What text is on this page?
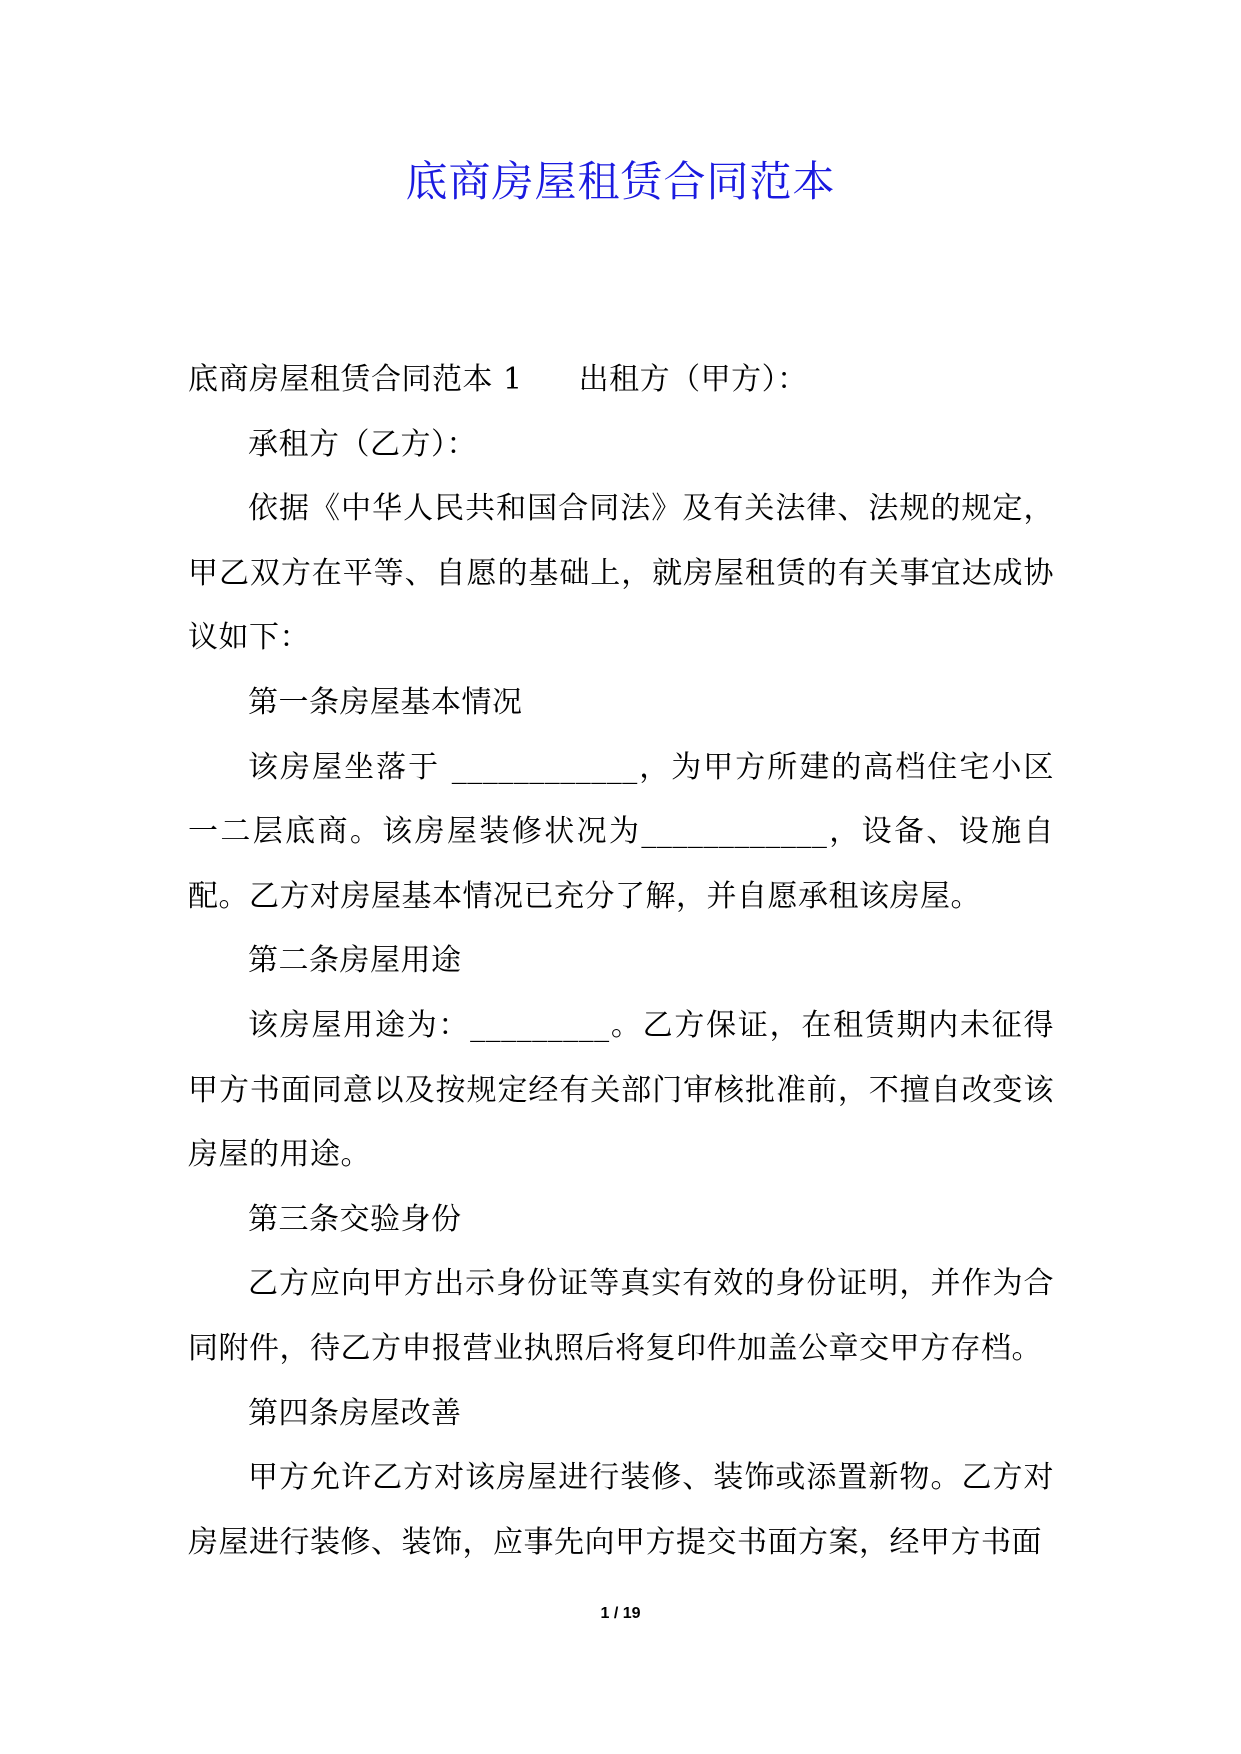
底商房屋租赁合同范本

底商房屋租赁合同范本 1 出租方（甲方）：

承租方（乙方）：

依据《中华人民共和国合同法》及有关法律、法规的规定，甲乙双方在平等、自愿的基础上，就房屋租赁的有关事宜达成协议如下：

第一条房屋基本情况

该房屋坐落于 ____________，为甲方所建的高档住宅小区一二层底商。该房屋装修状况为____________，设备、设施自配。乙方对房屋基本情况已充分了解，并自愿承租该房屋。

第二条房屋用途

该房屋用途为：_________。乙方保证，在租赁期内未征得甲方书面同意以及按规定经有关部门审核批准前，不擅自改变该房屋的用途。

第三条交验身份

乙方应向甲方出示身份证等真实有效的身份证明，并作为合同附件，待乙方申报营业执照后将复印件加盖公章交甲方存档。

第四条房屋改善

甲方允许乙方对该房屋进行装修、装饰或添置新物。乙方对房屋进行装修、装饰，应事先向甲方提交书面方案，经甲方书面

1 / 19
